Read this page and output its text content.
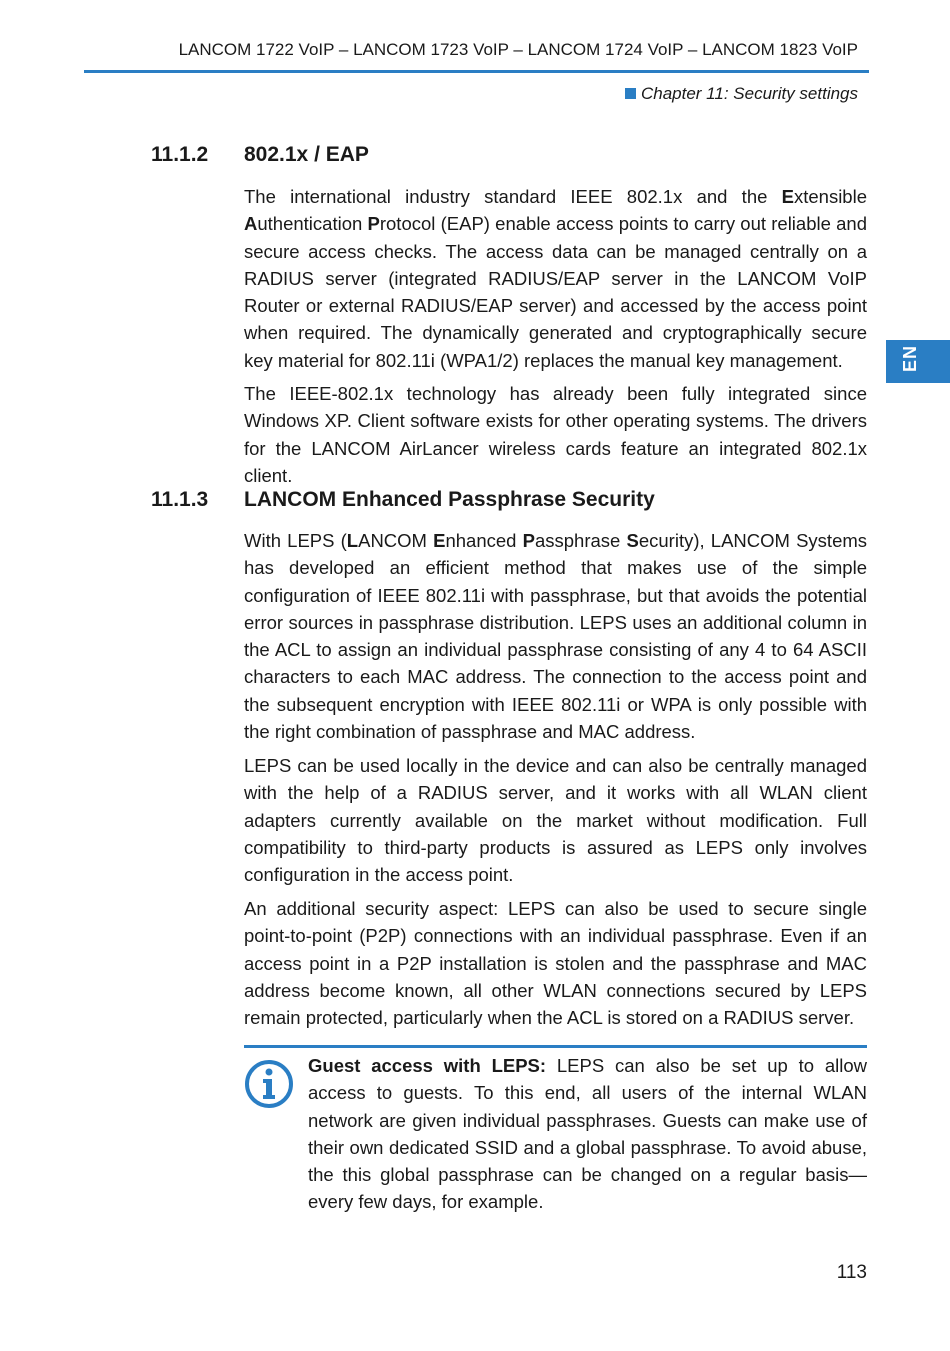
LANCOM 1722 VoIP – LANCOM 1723 VoIP – LANCOM 1724 VoIP – LANCOM 1823 VoIP
Chapter 11: Security settings
EN
11.1.2 802.1x / EAP
The international industry standard IEEE 802.1x and the Extensible Authentication Protocol (EAP) enable access points to carry out reliable and secure access checks. The access data can be managed centrally on a RADIUS server (integrated RADIUS/EAP server in the LANCOM VoIP Router or external RADIUS/EAP server) and accessed by the access point when required. The dynamically generated and cryptographically secure key material for 802.11i (WPA1/2) replaces the manual key management.
The IEEE‑802.1x technology has already been fully integrated since Windows XP. Client software exists for other operating systems. The drivers for the LANCOM AirLancer wireless cards feature an integrated 802.1x client.
11.1.3 LANCOM Enhanced Passphrase Security
With LEPS (LANCOM Enhanced Passphrase Security), LANCOM Systems has developed an efficient method that makes use of the simple configuration of IEEE 802.11i with passphrase, but that avoids the potential error sources in passphrase distribution. LEPS uses an additional column in the ACL to assign an individual passphrase consisting of any 4 to 64 ASCII characters to each MAC address. The connection to the access point and the subsequent encryption with IEEE 802.11i or WPA is only possible with the right combination of passphrase and MAC address.
LEPS can be used locally in the device and can also be centrally managed with the help of a RADIUS server, and it works with all WLAN client adapters currently available on the market without modification. Full compatibility to third‑party products is assured as LEPS only involves configuration in the access point.
An additional security aspect: LEPS can also be used to secure single point-to‑point (P2P) connections with an individual passphrase. Even if an access point in a P2P installation is stolen and the passphrase and MAC address become known, all other WLAN connections secured by LEPS remain protected, particularly when the ACL is stored on a RADIUS server.
Guest access with LEPS: LEPS can also be set up to allow access to guests. To this end, all users of the internal WLAN network are given individual passphrases. Guests can make use of their own dedicated SSID and a global passphrase. To avoid abuse, the this global passphrase can be changed on a regular basis—every few days, for example.
113
